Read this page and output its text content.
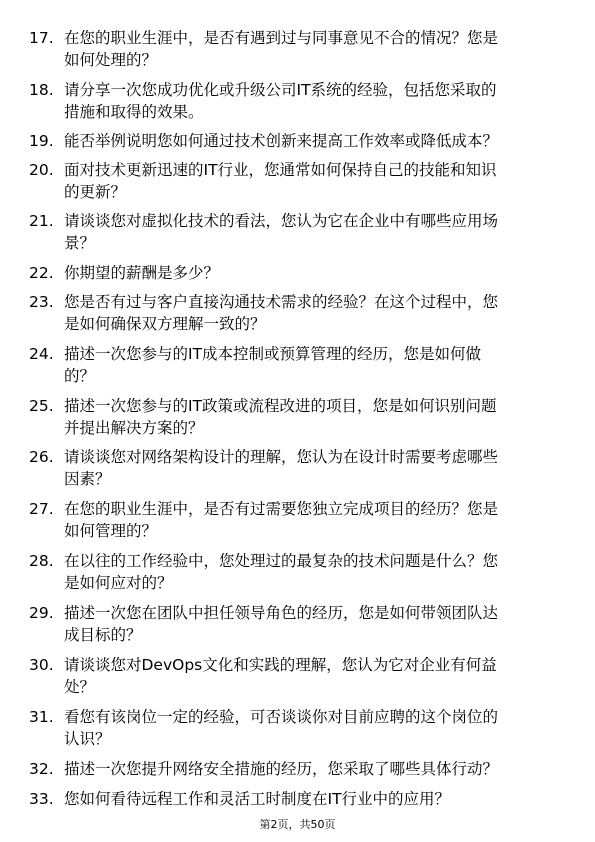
17. 在您的职业生涯中，是否有遇到过与同事意见不合的情况？您是
如何处理的？
18. 请分享一次您成功优化或升级公司IT系统的经验，包括您采取的
措施和取得的效果。
19. 能否举例说明您如何通过技术创新来提高工作效率或降低成本？
20. 面对技术更新迅速的IT行业，您通常如何保持自己的技能和知识
的更新？
21. 请谈谈您对虚拟化技术的看法，您认为它在企业中有哪些应用场
景？
22. 你期望的薪酬是多少？
23. 您是否有过与客户直接沟通技术需求的经验？在这个过程中，您
是如何确保双方理解一致的？
24. 描述一次您参与的IT成本控制或预算管理的经历，您是如何做
的？
25. 描述一次您参与的IT政策或流程改进的项目，您是如何识别问题
并提出解决方案的？
26. 请谈谈您对网络架构设计的理解，您认为在设计时需要考虑哪些
因素？
27. 在您的职业生涯中，是否有过需要您独立完成项目的经历？您是
如何管理的？
28. 在以往的工作经验中，您处理过的最复杂的技术问题是什么？您
是如何应对的？
29. 描述一次您在团队中担任领导角色的经历，您是如何带领团队达
成目标的？
30. 请谈谈您对DevOps文化和实践的理解，您认为它对企业有何益
处？
31. 看您有该岗位一定的经验，可否谈谈你对目前应聘的这个岗位的
认识？
32. 描述一次您提升网络安全措施的经历，您采取了哪些具体行动？
33. 您如何看待远程工作和灵活工时制度在IT行业中的应用？
第2页，共50页
